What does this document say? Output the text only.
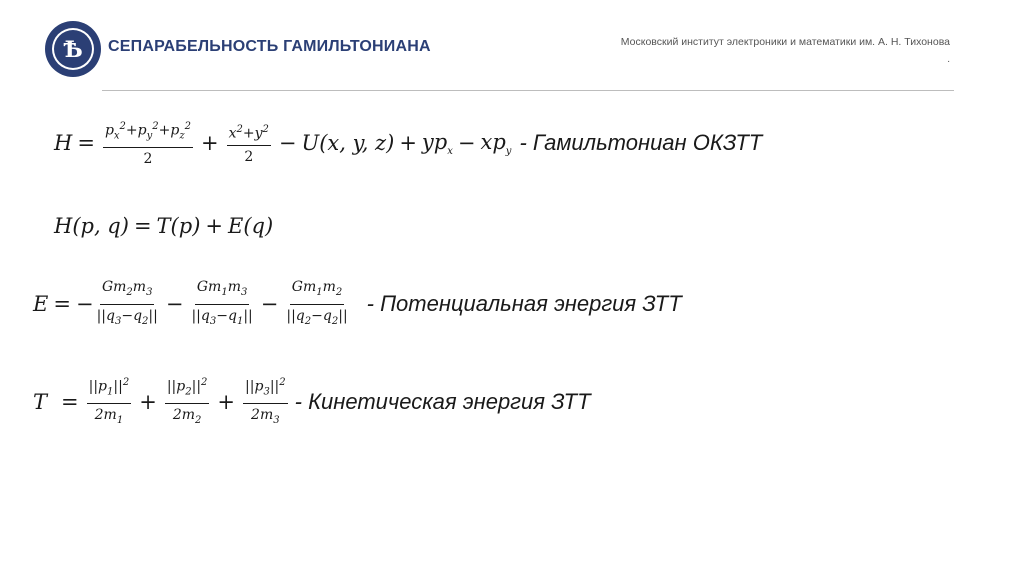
Ѣ СЕПАРАБЕЛЬНОСТЬ ГАМИЛЬТОНИАНА	Московский институт электроники и математики им. А. Н. Тихонова
.
$H = \frac{p_x^2+p_y^2+p_z^2}{2} + \frac{x^2+y^2}{2} - U(x$, y, $z) + yp_x - xp_y$ - Гамильтониан ОКЗТТ
H(p, q) = T(p) + E(q)
E = − $\frac{Gm_2m_3}{||q_3-q_2||} - \frac{Gm_1m_3}{||q_3-q_1||} - \frac{Gm_1m_2}{||q_2-q_2||}$ - Потенциальная энергия ЗТТ
$T = \frac{||p_1||^2}{2m_1} + \frac{||p_2||^2}{2m_2} + \frac{||p_3||^2}{2m_3}$ - Кинетическая энергия ЗТТ
